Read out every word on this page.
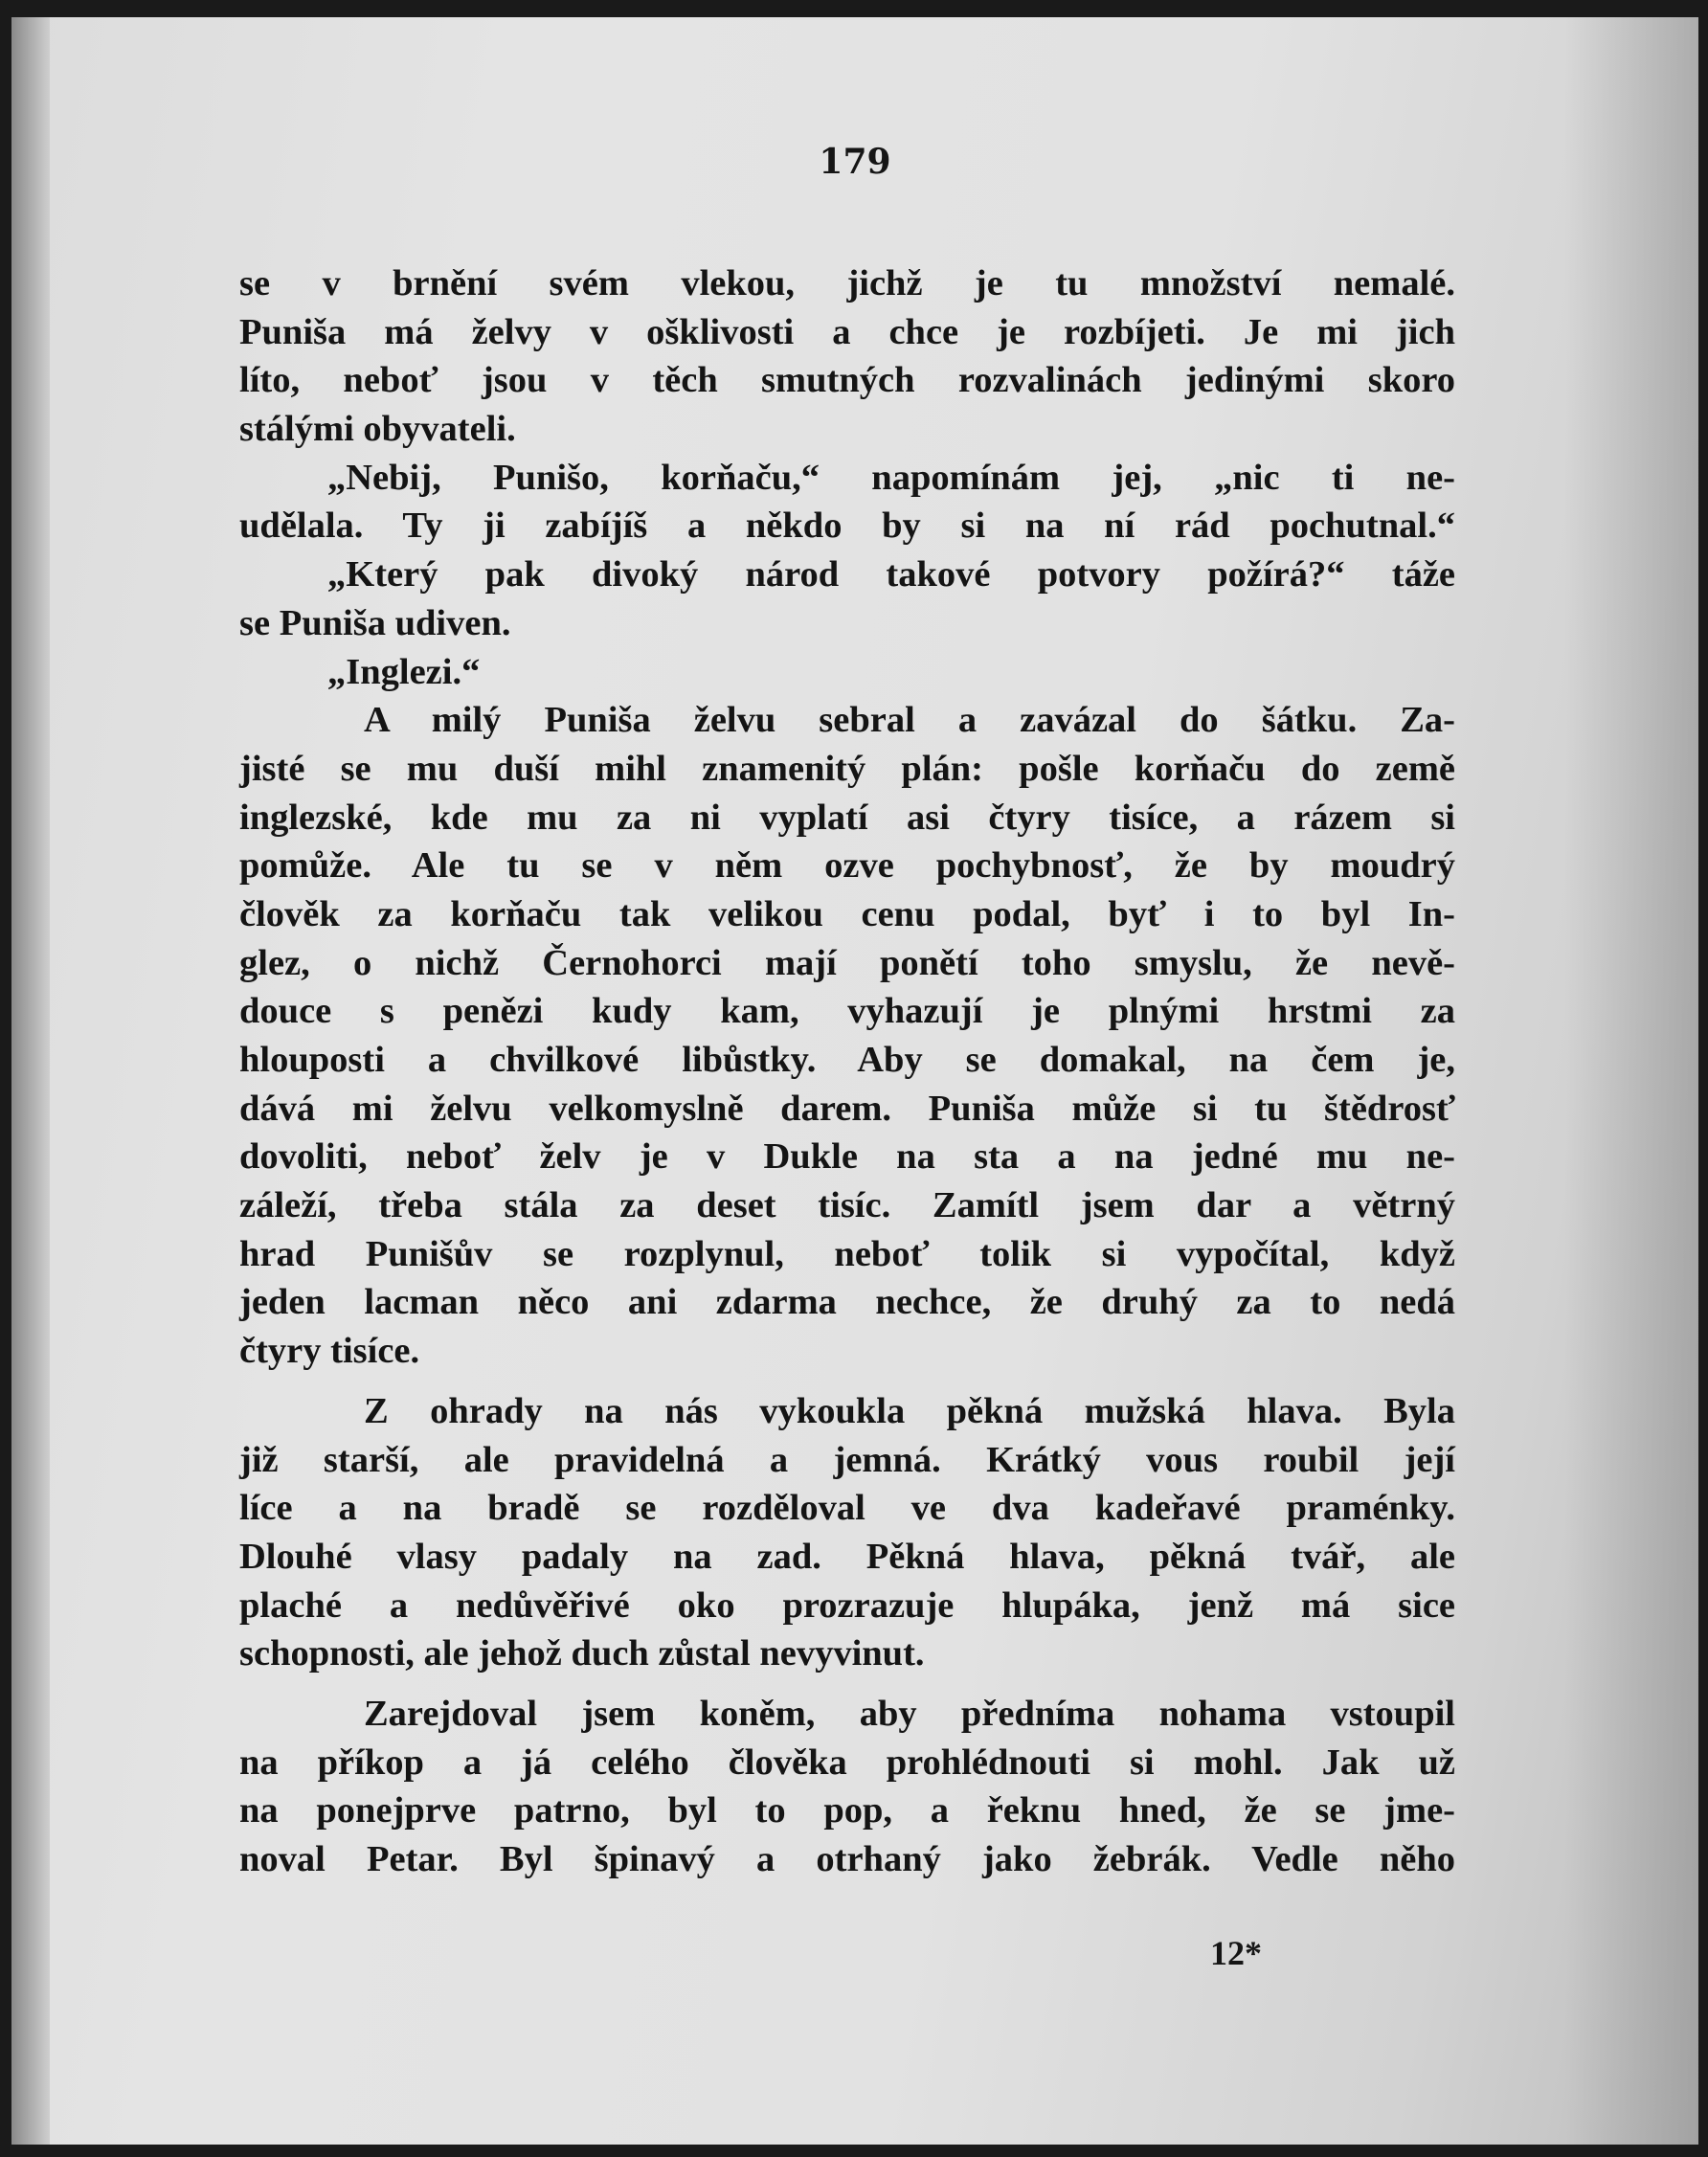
179

se v brnění svém vlekou, jichž je tu množství nemalé.
Puniša má želvy v ošklivosti a chce je rozbíjeti. Je mi jich
líto, neboť jsou v těch smutných rozvalinách jedinými skoro
stálými obyvateli.
„Nebij, Punišo, korňaču,“ napomínám jej, „nic ti ne-
udělala. Ty ji zabíjíš a někdo by si na ní rád pochutnal.“
„Který pak divoký národ takové potvory požírá?“ táže
se Puniša udiven.
„Inglezi.“
A milý Puniša želvu sebral a zavázal do šátku. Za-
jisté se mu duší mihl znamenitý plán: pošle korňaču do země
inglezské, kde mu za ni vyplatí asi čtyry tisíce, a rázem si
pomůže. Ale tu se v něm ozve pochybnosť, že by moudrý
člověk za korňaču tak velikou cenu podal, byť i to byl In-
glez, o nichž Černohorci mají ponětí toho smyslu, že nevě-
douce s penězi kudy kam, vyhazují je plnými hrstmi za
hlouposti a chvilkové libůstky. Aby se domakal, na čem je,
dává mi želvu velkomyslně darem. Puniša může si tu štědrosť
dovoliti, neboť želv je v Dukle na sta a na jedné mu ne-
záleží, třeba stála za deset tisíc. Zamítl jsem dar a větrný
hrad Punišův se rozplynul, neboť tolik si vypočítal, když
jeden lacman něco ani zdarma nechce, že druhý za to nedá
čtyry tisíce.
Z ohrady na nás vykoukla pěkná mužská hlava. Byla
již starší, ale pravidelná a jemná. Krátký vous roubil její
líce a na bradě se rozděloval ve dva kadeřavé praménky.
Dlouhé vlasy padaly na zad. Pěkná hlava, pěkná tvář, ale
plaché a nedůvěřivé oko prozrazuje hlupáka, jenž má sice
schopnosti, ale jehož duch zůstal nevyvinut.
Zarejdoval jsem koněm, aby předníma nohama vstoupil
na příkop a já celého člověka prohlédnouti si mohl. Jak už
na ponejprve patrno, byl to pop, a řeknu hned, že se jme-
noval Petar. Byl špinavý a otrhaný jako žebrák. Vedle něho

12*
